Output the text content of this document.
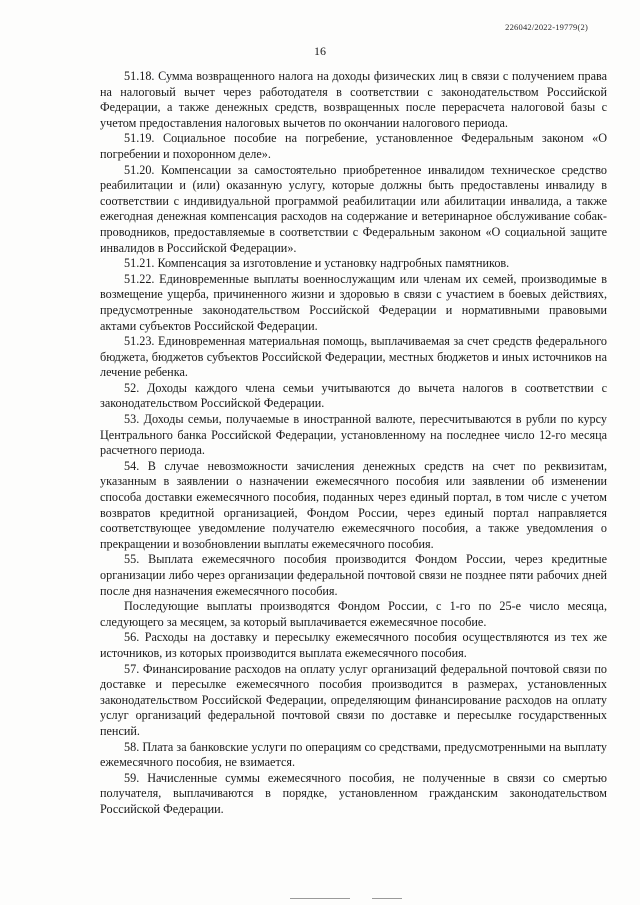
226042/2022-19779(2)
16

51.18. Сумма возвращенного налога на доходы физических лиц в связи с получением права на налоговый вычет через работодателя в соответствии с законодательством Российской Федерации, а также денежных средств, возвращенных после перерасчета налоговой базы с учетом предоставления налоговых вычетов по окончании налогового периода.

51.19. Социальное пособие на погребение, установленное Федеральным законом «О погребении и похоронном деле».

51.20. Компенсации за самостоятельно приобретенное инвалидом техническое средство реабилитации и (или) оказанную услугу, которые должны быть предоставлены инвалиду в соответствии с индивидуальной программой реабилитации или абилитации инвалида, а также ежегодная денежная компенсация расходов на содержание и ветеринарное обслуживание собак-проводников, предоставляемые в соответствии с Федеральным законом «О социальной защите инвалидов в Российской Федерации».

51.21. Компенсация за изготовление и установку надгробных памятников.

51.22. Единовременные выплаты военнослужащим или членам их семей, производимые в возмещение ущерба, причиненного жизни и здоровью в связи с участием в боевых действиях, предусмотренные законодательством Российской Федерации и нормативными правовыми актами субъектов Российской Федерации.

51.23. Единовременная материальная помощь, выплачиваемая за счет средств федерального бюджета, бюджетов субъектов Российской Федерации, местных бюджетов и иных источников на лечение ребенка.

52. Доходы каждого члена семьи учитываются до вычета налогов в соответствии с законодательством Российской Федерации.

53. Доходы семьи, получаемые в иностранной валюте, пересчитываются в рубли по курсу Центрального банка Российской Федерации, установленному на последнее число 12-го месяца расчетного периода.

54. В случае невозможности зачисления денежных средств на счет по реквизитам, указанным в заявлении о назначении ежемесячного пособия или заявлении об изменении способа доставки ежемесячного пособия, поданных через единый портал, в том числе с учетом возвратов кредитной организацией, Фондом России, через единый портал направляется соответствующее уведомление получателю ежемесячного пособия, а также уведомления о прекращении и возобновлении выплаты ежемесячного пособия.

55. Выплата ежемесячного пособия производится Фондом России, через кредитные организации либо через организации федеральной почтовой связи не позднее пяти рабочих дней после дня назначения ежемесячного пособия.

Последующие выплаты производятся Фондом России, с 1-го по 25-е число месяца, следующего за месяцем, за который выплачивается ежемесячное пособие.

56. Расходы на доставку и пересылку ежемесячного пособия осуществляются из тех же источников, из которых производится выплата ежемесячного пособия.

57. Финансирование расходов на оплату услуг организаций федеральной почтовой связи по доставке и пересылке ежемесячного пособия производится в размерах, установленных законодательством Российской Федерации, определяющим финансирование расходов на оплату услуг организаций федеральной почтовой связи по доставке и пересылке государственных пенсий.

58. Плата за банковские услуги по операциям со средствами, предусмотренными на выплату ежемесячного пособия, не взимается.

59. Начисленные суммы ежемесячного пособия, не полученные в связи со смертью получателя, выплачиваются в порядке, установленном гражданским законодательством Российской Федерации.
